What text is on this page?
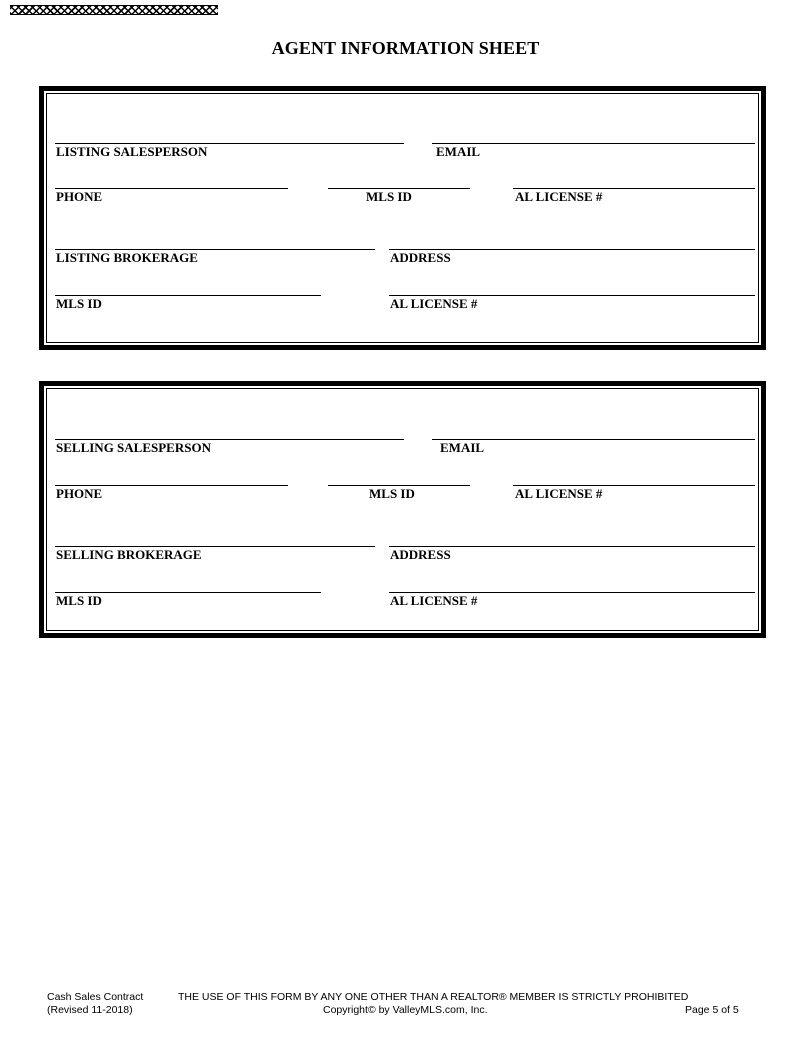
AGENT INFORMATION SHEET
LISTING SALESPERSON	EMAIL
PHONE	MLS ID	AL LICENSE #
LISTING BROKERAGE	ADDRESS
MLS ID	AL LICENSE #
SELLING SALESPERSON	EMAIL
PHONE	MLS ID	AL LICENSE #
SELLING BROKERAGE	ADDRESS
MLS ID	AL LICENSE #
Cash Sales Contract
(Revised 11-2018)
THE USE OF THIS FORM BY ANY ONE OTHER THAN A REALTOR® MEMBER IS STRICTLY PROHIBITED
Copyright© by ValleyMLS.com, Inc.	Page 5 of 5
